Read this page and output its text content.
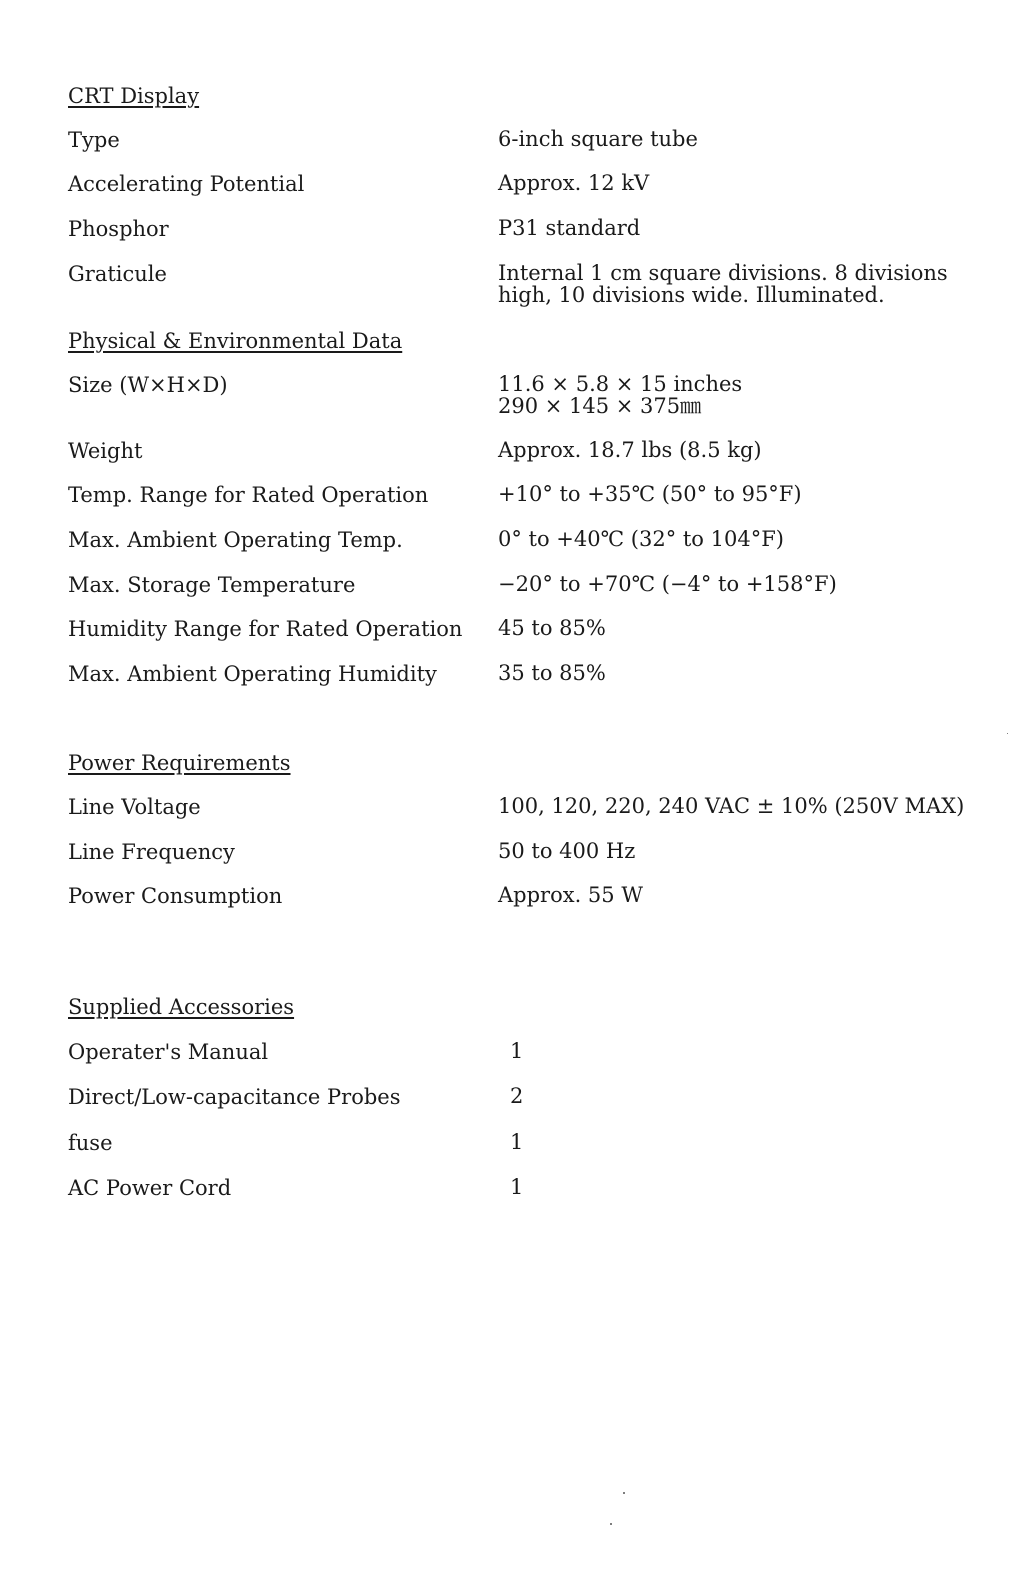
CRT Display
Type	6-inch square tube
Accelerating Potential	Approx. 12 kV
Phosphor	P31 standard
Graticule	Internal 1 cm square divisions. 8 divisions
high, 10 divisions wide. Illuminated.
Physical & Environmental Data
Size (W×H×D)	11.6 × 5.8 × 15 inches
290 × 145 × 375㎜
Weight	Approx. 18.7 lbs (8.5 kg)
Temp. Range for Rated Operation	+10° to +35℃ (50° to 95°F)
Max. Ambient Operating Temp.	0° to +40℃ (32° to 104°F)
Max. Storage Temperature	−20° to +70℃ (−4° to +158°F)
Humidity Range for Rated Operation 45 to 85%
Max. Ambient Operating Humidity	35 to 85%
Power Requirements
Line Voltage	100, 120, 220, 240 VAC ± 10% (250V MAX)
Line Frequency	50 to 400 Hz
Power Consumption	Approx. 55 W
Supplied Accessories
Operater's Manual	1
Direct/Low-capacitance Probes	2
fuse	1
AC Power Cord	1
